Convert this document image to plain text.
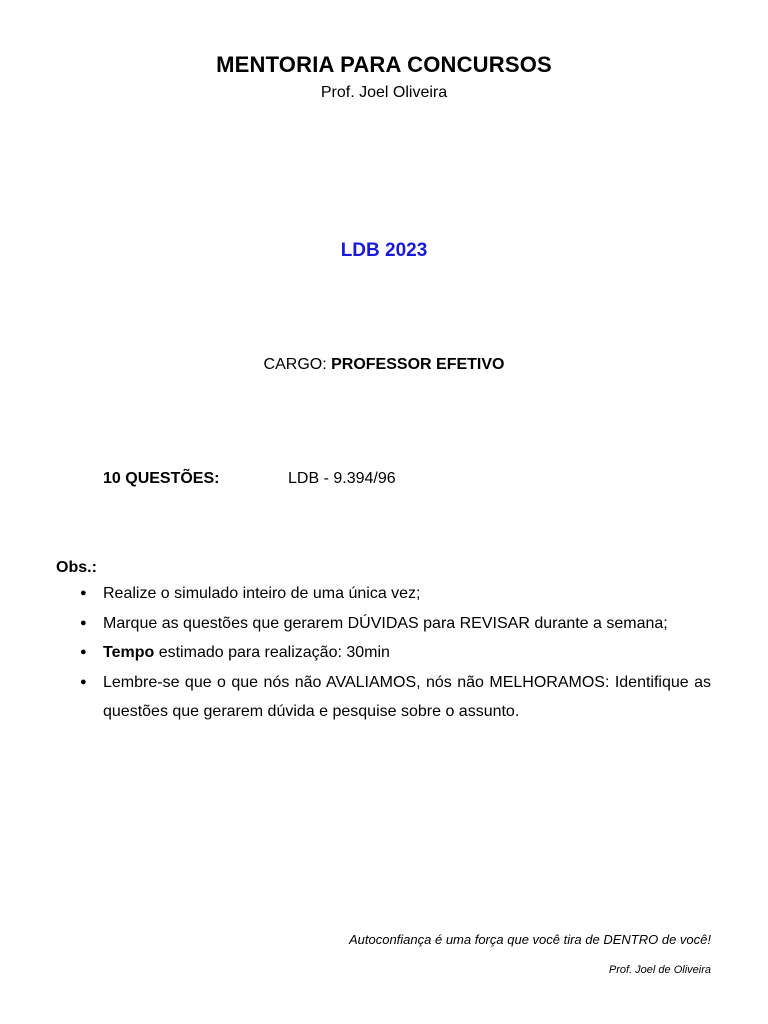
MENTORIA PARA CONCURSOS
Prof. Joel Oliveira
LDB 2023
CARGO: PROFESSOR EFETIVO
10 QUESTÕES:	LDB - 9.394/96
Obs.:
● Realize o simulado inteiro de uma única vez;
● Marque as questões que gerarem DÚVIDAS para REVISAR durante a semana;
● Tempo estimado para realização: 30min
● Lembre-se que o que nós não AVALIAMOS, nós não MELHORAMOS: Identifique as questões que gerarem dúvida e pesquise sobre o assunto.
Autoconfiança é uma força que você tira de DENTRO de você!
Prof. Joel de Oliveira
